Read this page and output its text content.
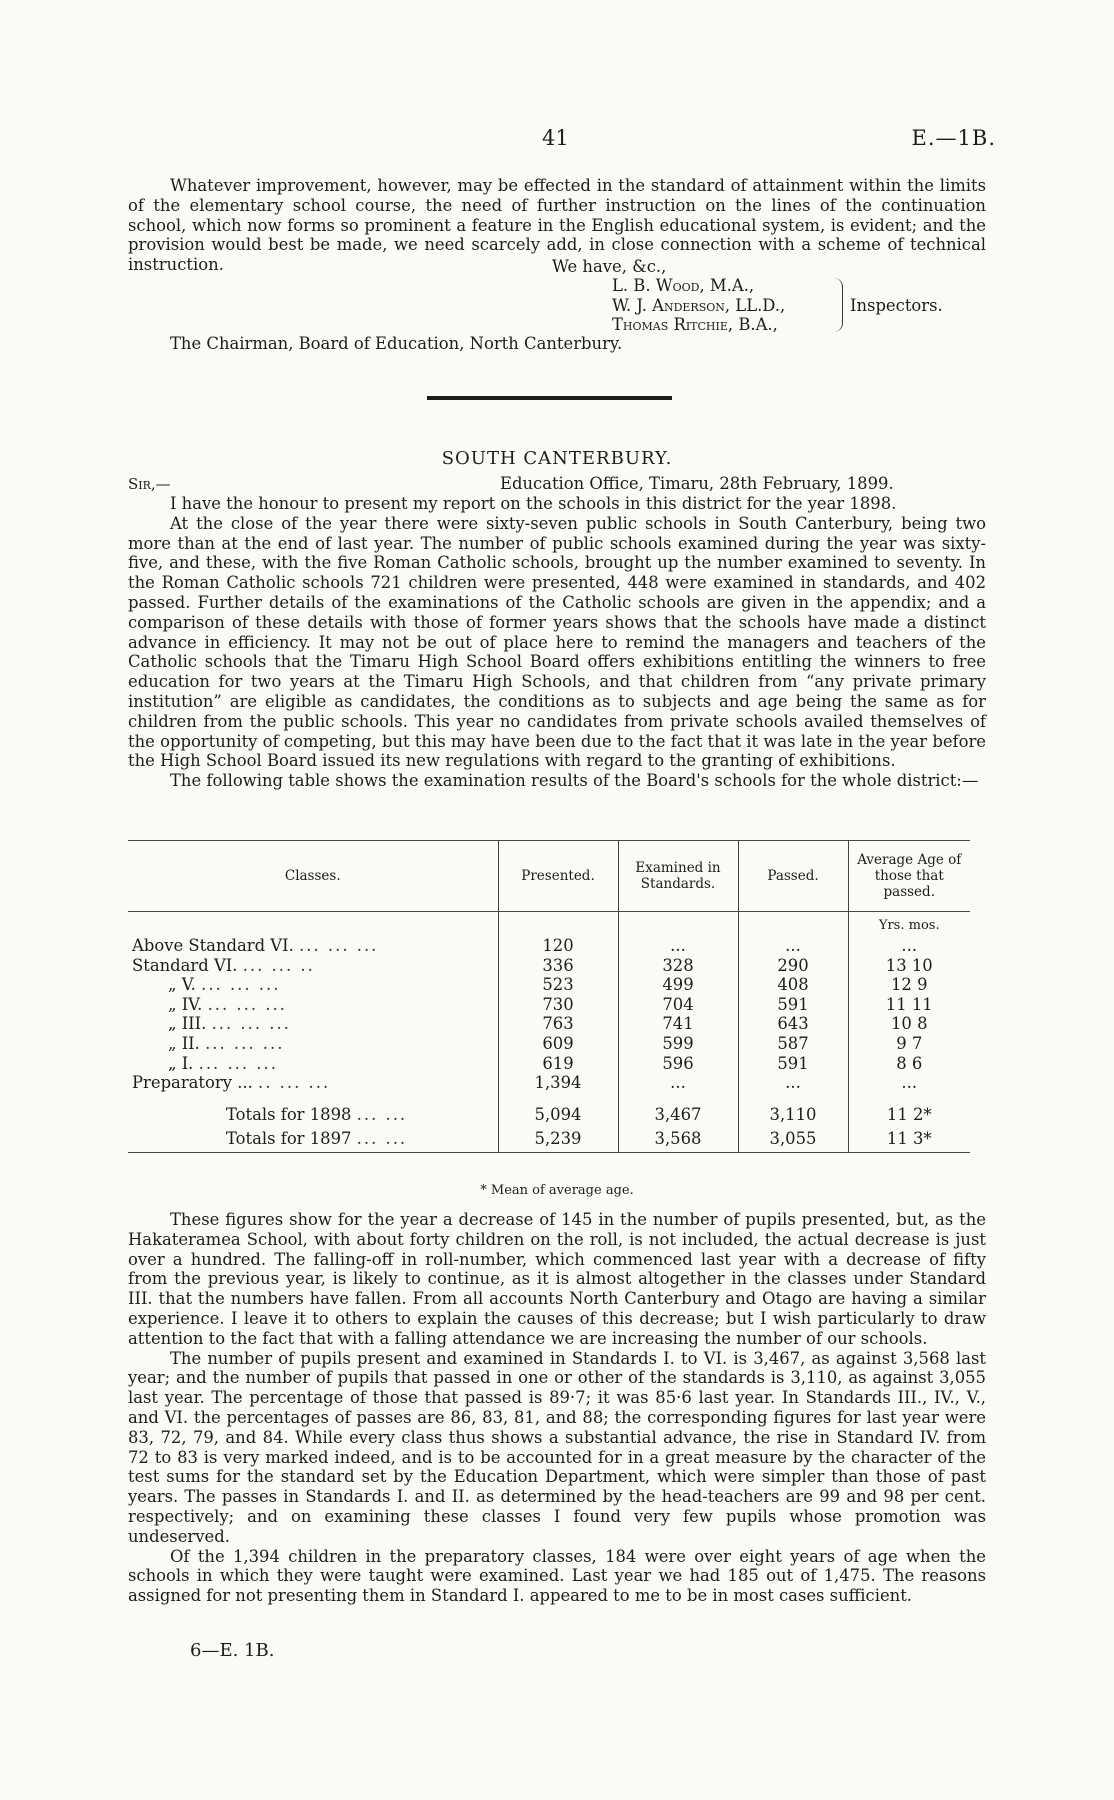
41	E.—1B.

Whatever improvement, however, may be effected in the standard of attainment within the limits of the elementary school course, the need of further instruction on the lines of the continuation school, which now forms so prominent a feature in the English educational system, is evident; and the provision would best be made, we need scarcely add, in close connection with a scheme of technical instruction.	We have, &c.,
L. B. Wood, M.A.,
W. J. Anderson, LL.D.,
Thomas Ritchie, B.A.,
Inspectors.
The Chairman, Board of Education, North Canterbury.
SOUTH CANTERBURY.
Sir,—	Education Office, Timaru, 28th February, 1899.

I have the honour to present my report on the schools in this district for the year 1898.

At the close of the year there were sixty-seven public schools in South Canterbury, being two more than at the end of last year. The number of public schools examined during the year was sixty-five, and these, with the five Roman Catholic schools, brought up the number examined to seventy. In the Roman Catholic schools 721 children were presented, 448 were examined in standards, and 402 passed. Further details of the examinations of the Catholic schools are given in the appendix; and a comparison of these details with those of former years shows that the schools have made a distinct advance in efficiency. It may not be out of place here to remind the managers and teachers of the Catholic schools that the Timaru High School Board offers exhibitions entitling the winners to free education for two years at the Timaru High Schools, and that children from “any private primary institution” are eligible as candidates, the conditions as to subjects and age being the same as for children from the public schools. This year no candidates from private schools availed themselves of the opportunity of competing, but this may have been due to the fact that it was late in the year before the High School Board issued its new regulations with regard to the granting of exhibitions.

The following table shows the examination results of the Board's schools for the whole district:—

Classes.	Presented.	Examined in Standards.	Passed.	Average Age of those that passed.
				Yrs. mos.
Above Standard VI. ... ... ...	120	...	...	...
Standard VI. ... ... ..	336	328	290	13 10
„ V. ... ... ...	523	499	408	12 9
„ IV. ... ... ...	730	704	591	11 11
„ III. ... ... ...	763	741	643	10 8
„ II. ... ... ...	609	599	587	9 7
„ I. ... ... ...	619	596	591	8 6
Preparatory ... .. ... ...	1,394	...	...	...

Totals for 1898 ... ...	5,094	3,467	3,110	11 2*
Totals for 1897 ... ...	5,239	3,568	3,055	11 3*
* Mean of average age.

These figures show for the year a decrease of 145 in the number of pupils presented, but, as the Hakateramea School, with about forty children on the roll, is not included, the actual decrease is just over a hundred. The falling-off in roll-number, which commenced last year with a decrease of fifty from the previous year, is likely to continue, as it is almost altogether in the classes under Standard III. that the numbers have fallen. From all accounts North Canterbury and Otago are having a similar experience. I leave it to others to explain the causes of this decrease; but I wish particularly to draw attention to the fact that with a falling attendance we are increasing the number of our schools.

The number of pupils present and examined in Standards I. to VI. is 3,467, as against 3,568 last year; and the number of pupils that passed in one or other of the standards is 3,110, as against 3,055 last year. The percentage of those that passed is 89·7; it was 85·6 last year. In Standards III., IV., V., and VI. the percentages of passes are 86, 83, 81, and 88; the corresponding figures for last year were 83, 72, 79, and 84. While every class thus shows a substantial advance, the rise in Standard IV. from 72 to 83 is very marked indeed, and is to be accounted for in a great measure by the character of the test sums for the standard set by the Education Department, which were simpler than those of past years. The passes in Standards I. and II. as determined by the head-teachers are 99 and 98 per cent. respectively; and on examining these classes I found very few pupils whose promotion was undeserved.

Of the 1,394 children in the preparatory classes, 184 were over eight years of age when the schools in which they were taught were examined. Last year we had 185 out of 1,475. The reasons assigned for not presenting them in Standard I. appeared to me to be in most cases sufficient.

6—E. 1B.
